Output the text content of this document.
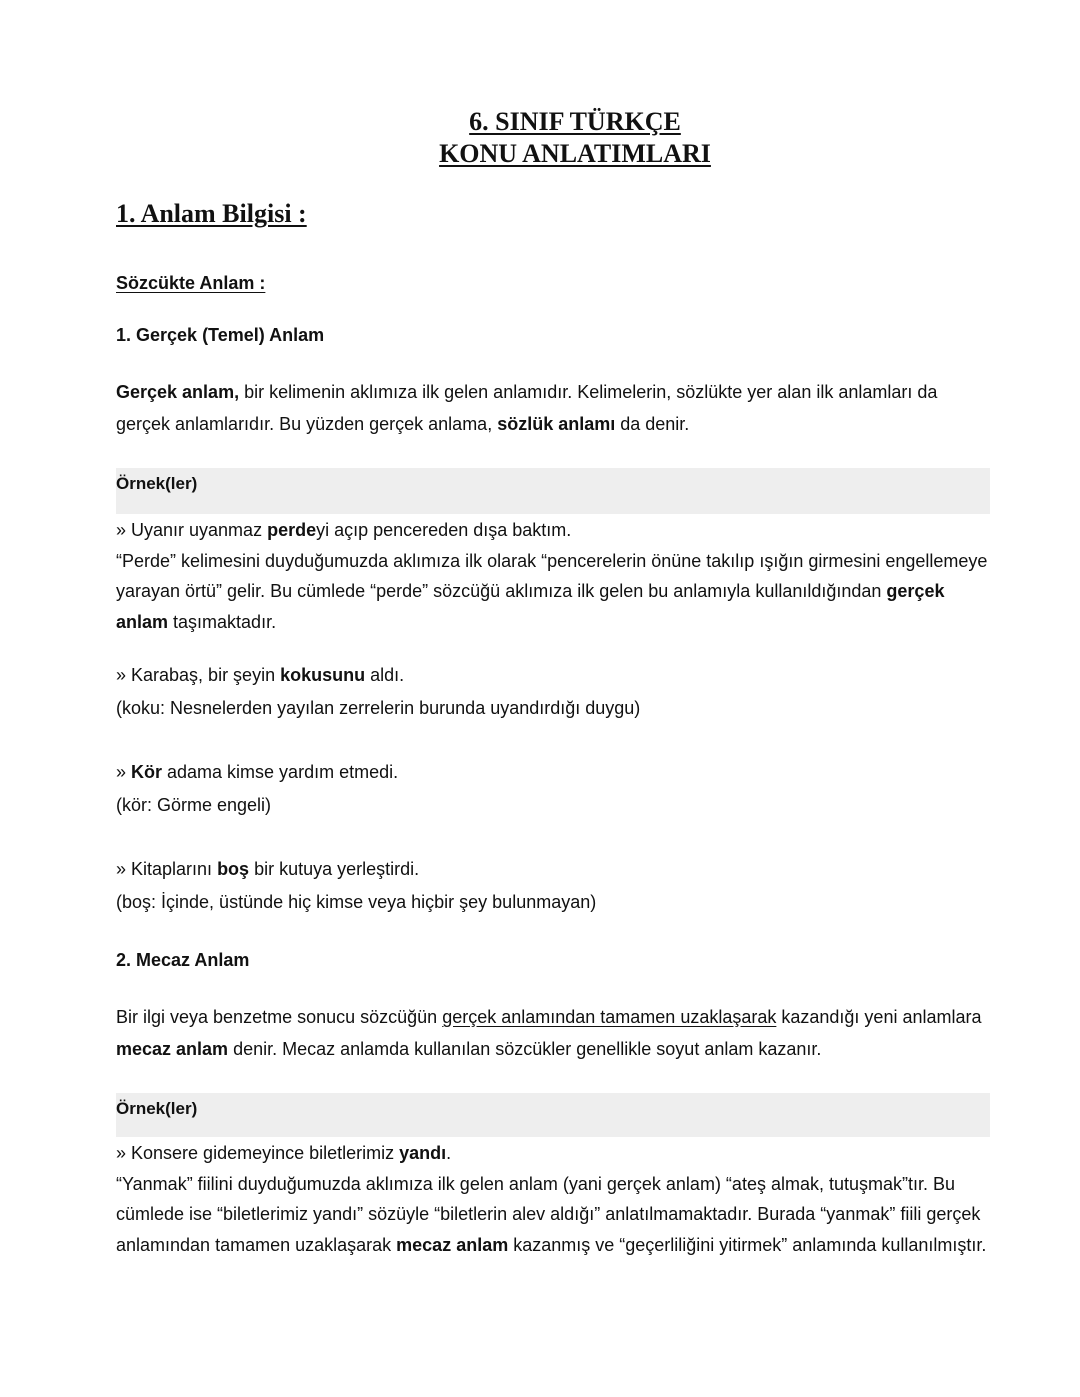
6. SINIF TÜRKÇE
KONU ANLATIMLARI
1. Anlam Bilgisi :
Sözcükte Anlam :
1. Gerçek (Temel) Anlam
Gerçek anlam, bir kelimenin aklımıza ilk gelen anlamıdır. Kelimelerin, sözlükte yer alan ilk anlamları da gerçek anlamlarıdır. Bu yüzden gerçek anlama, sözlük anlamı da denir.
Örnek(ler)

» Uyanır uyanmaz perdeyi açıp pencereden dışa baktım.

“Perde” kelimesini duyduğumuzda aklımıza ilk olarak “pencerelerin önüne takılıp ışığın girmesini engellemeye yarayan örtü” gelir. Bu cümlede “perde” sözcüğü aklımıza ilk gelen bu anlamıyla kullanıldığından gerçek anlam taşımaktadır.

» Karabaş, bir şeyin kokusunu aldı.

(koku: Nesnelerden yayılan zerrelerin burunda uyandırdığı duygu)

» Kör adama kimse yardım etmedi.

(kör: Görme engeli)

» Kitaplarını boş bir kutuya yerleştirdi.

(boş: İçinde, üstünde hiç kimse veya hiçbir şey bulunmayan)

2. Mecaz Anlam
Bir ilgi veya benzetme sonucu sözcüğün gerçek anlamından tamamen uzaklaşarak kazandığı yeni anlamlara mecaz anlam denir. Mecaz anlamda kullanılan sözcükler genellikle soyut anlam kazanır.
Örnek(ler)

» Konsere gidemeyince biletlerimiz yandı.

“Yanmak” fiilini duyduğumuzda aklımıza ilk gelen anlam (yani gerçek anlam) “ateş almak, tutuşmak”tır. Bu cümlede ise “biletlerimiz yandı” sözüyle “biletlerin alev aldığı” anlatılmamaktadır. Burada “yanmak” fiili gerçek anlamından tamamen uzaklaşarak mecaz anlam kazanmış ve “geçerliliğini yitirmek” anlamında kullanılmıştır.
